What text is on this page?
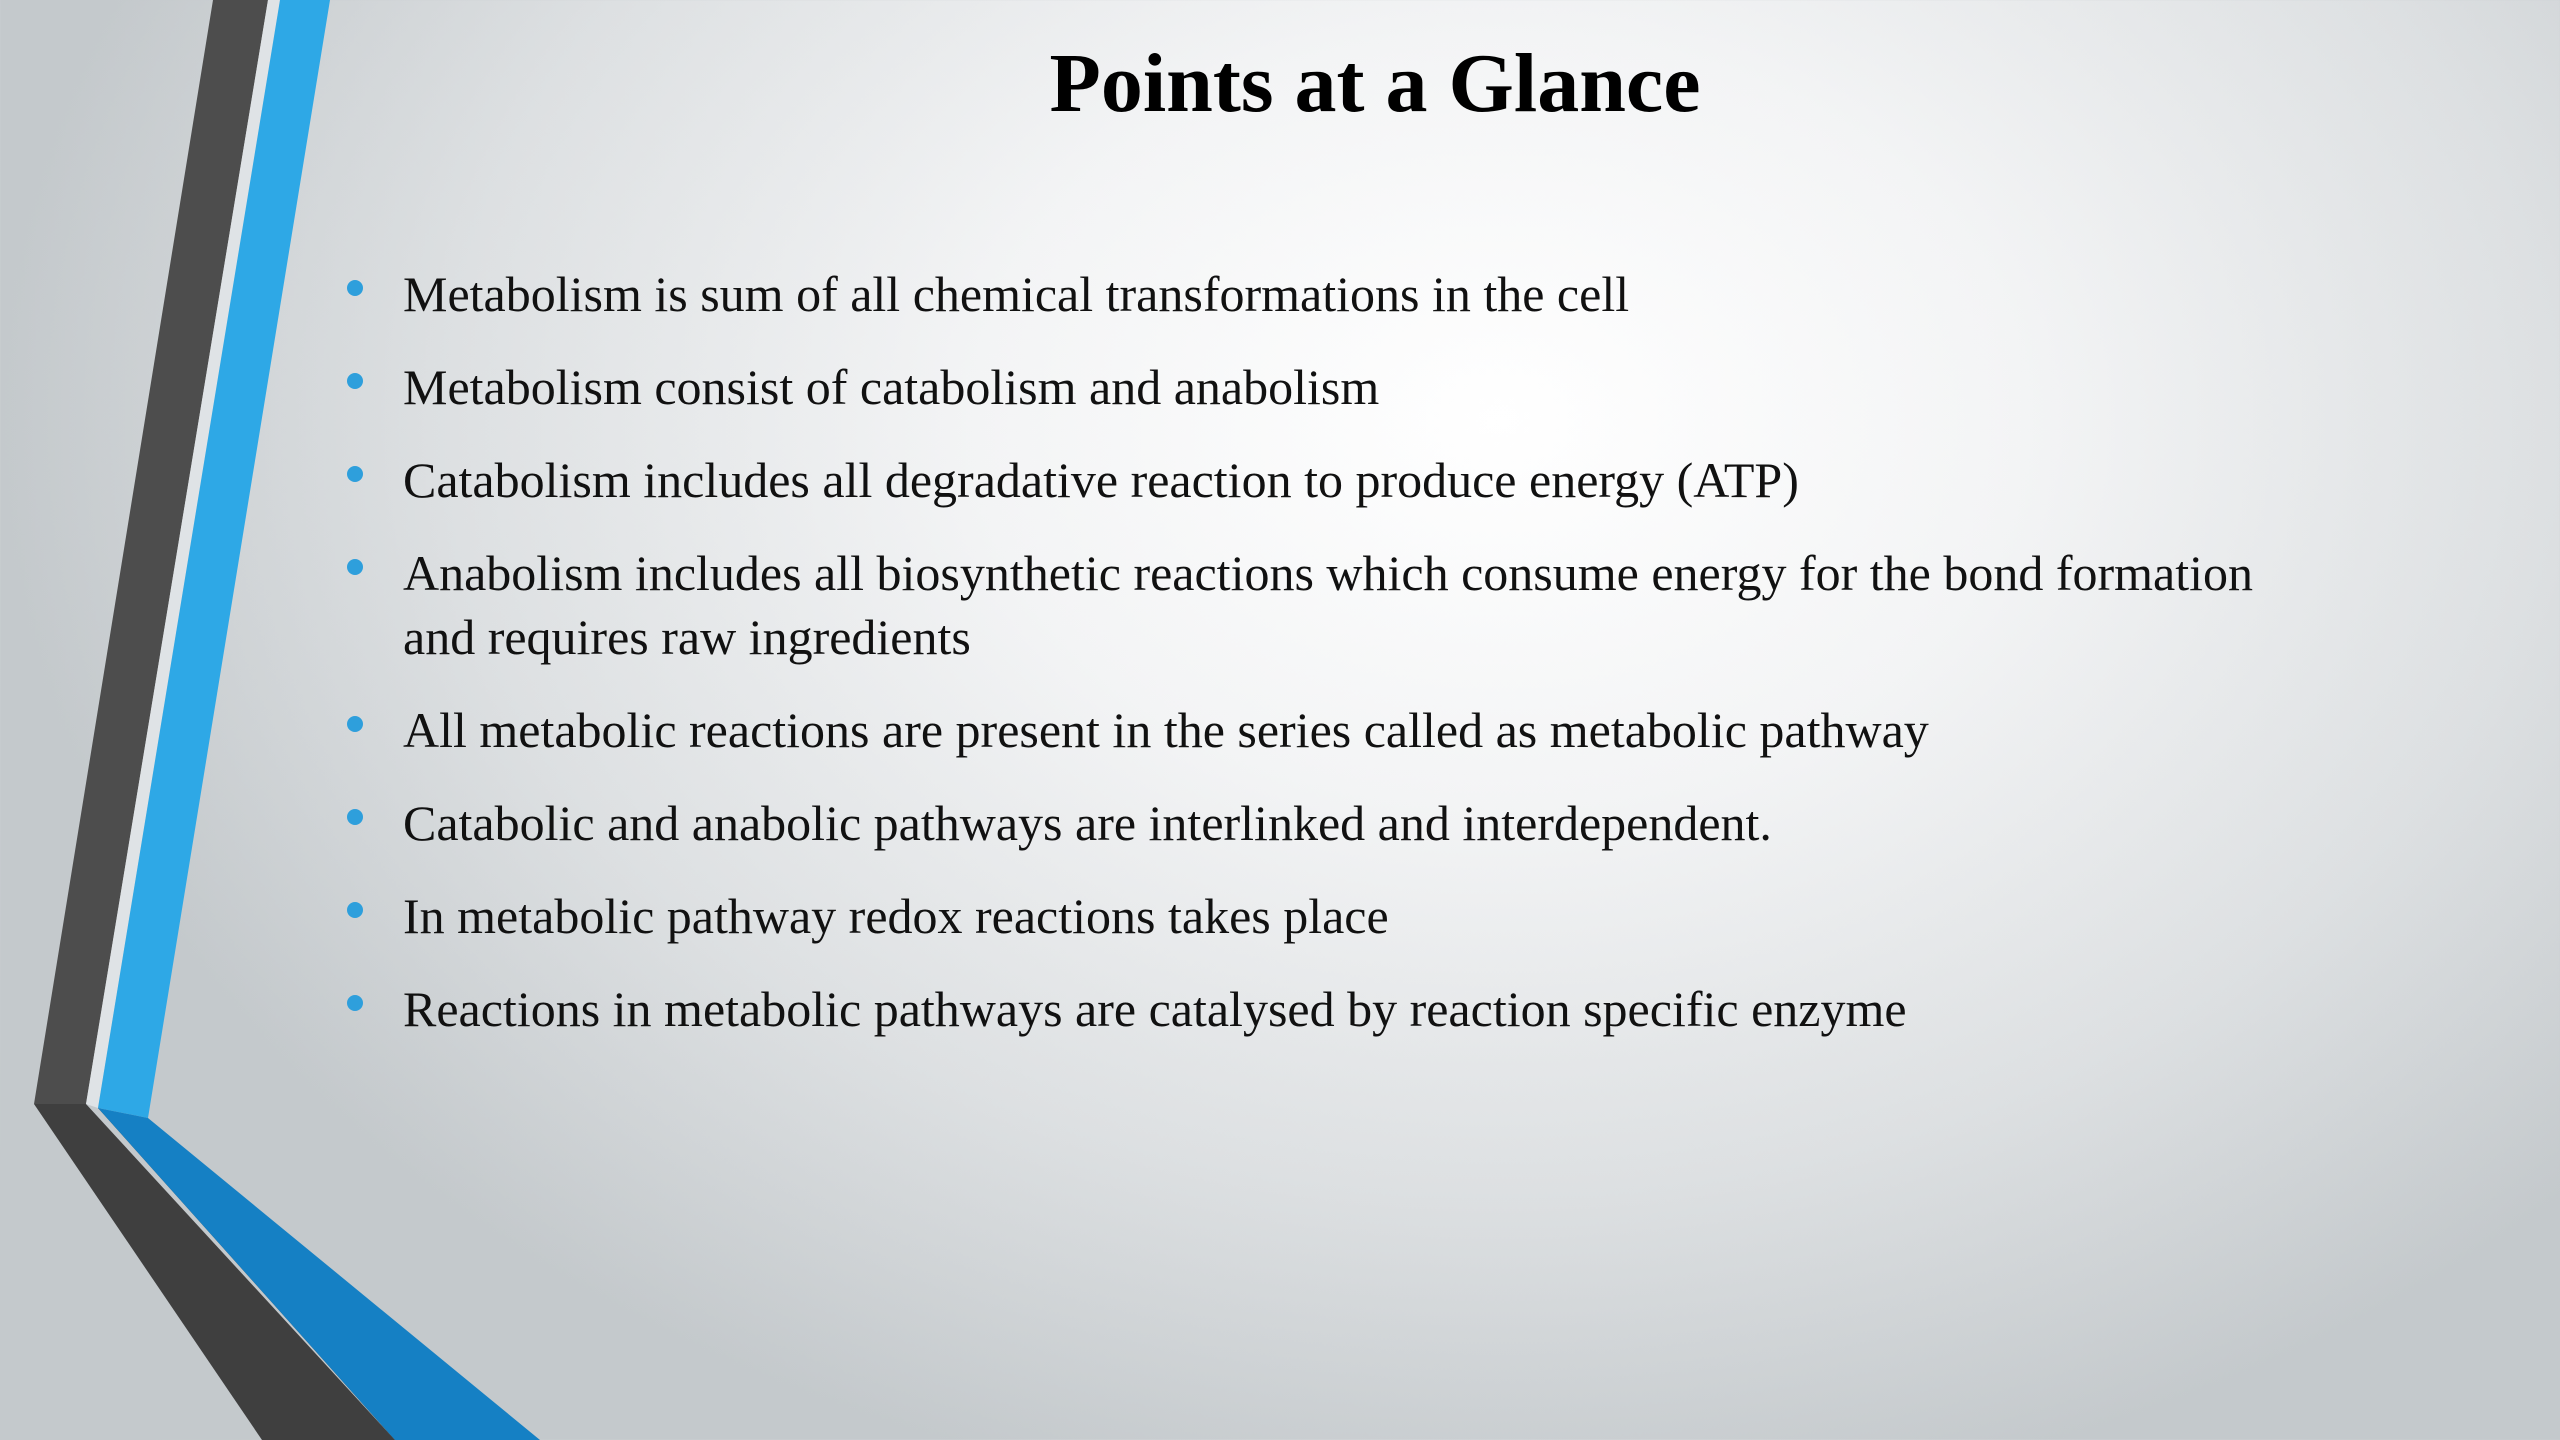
Points at a Glance
Metabolism is sum of all chemical transformations in the cell
Metabolism consist of catabolism and anabolism
Catabolism includes all degradative reaction to produce energy (ATP)
Anabolism includes all biosynthetic reactions which consume energy for the bond formation and requires raw ingredients
All metabolic reactions are present in the series called as metabolic pathway
Catabolic and anabolic pathways are interlinked and interdependent.
In metabolic pathway redox reactions takes place
Reactions in metabolic pathways are catalysed by reaction specific enzyme
